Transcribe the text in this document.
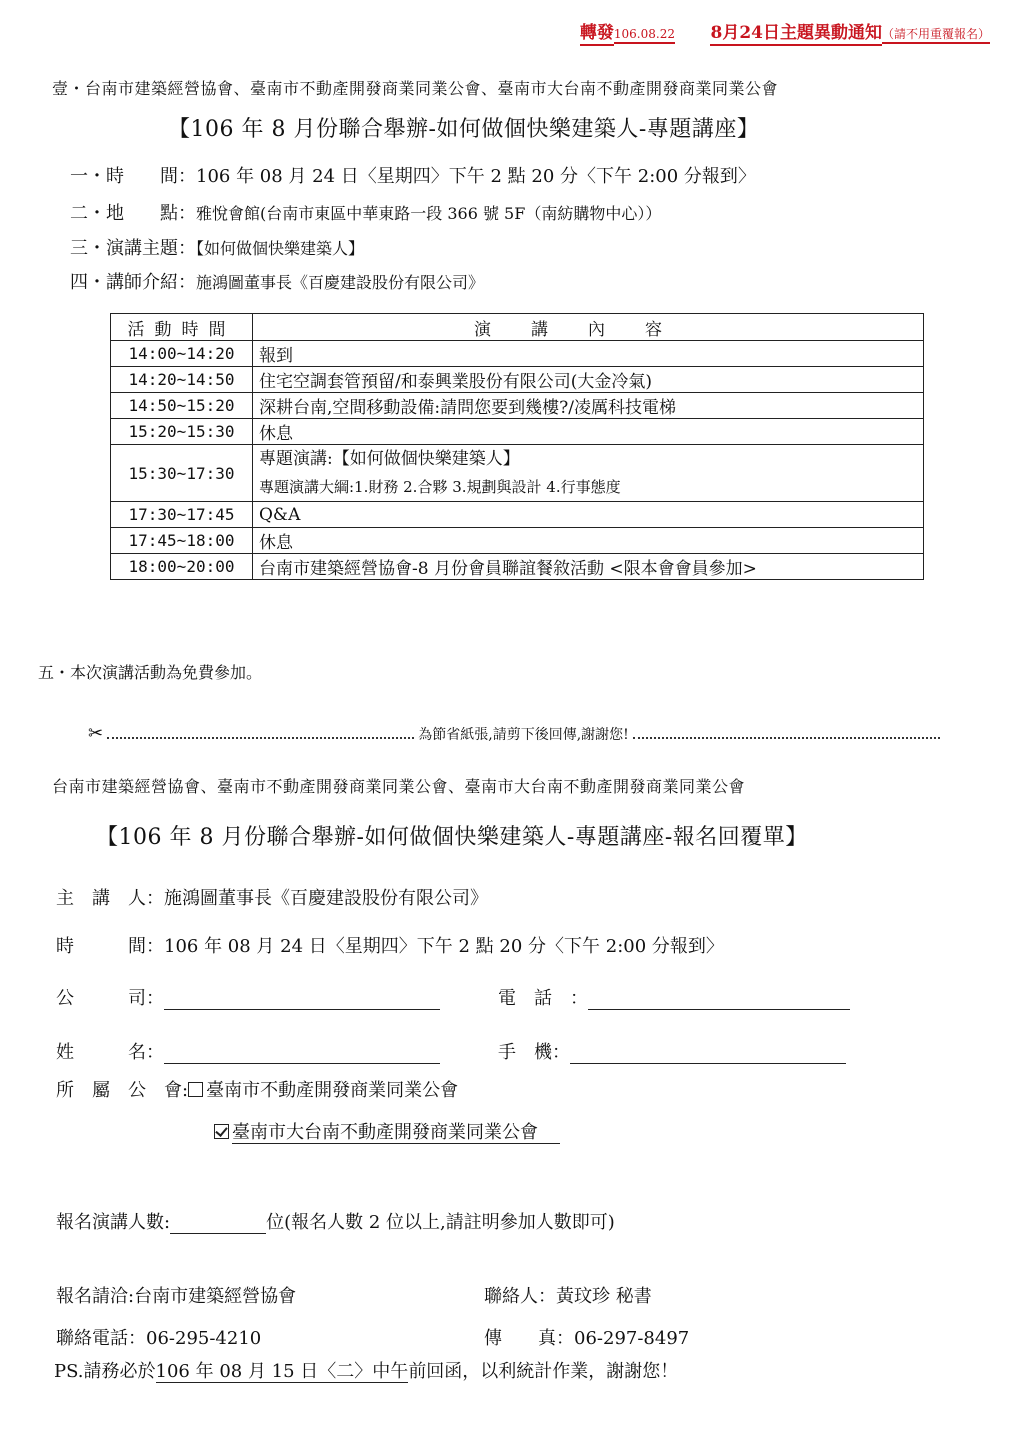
轉發106.08.22 8月24日主題異動通知（請不用重覆報名）
壹・台南市建築經營協會、臺南市不動產開發商業同業公會、臺南市大台南不動產開發商業同業公會
【106 年 8 月份聯合舉辦-如何做個快樂建築人-專題講座】
一・時　　間：106 年 08 月 24 日〈星期四〉下午 2 點 20 分〈下午 2:00 分報到〉
二・地　　點：雅悅會館(台南市東區中華東路一段 366 號 5F（南紡購物中心））
三・演講主題：【如何做個快樂建築人】
四・講師介紹：施鴻圖董事長《百慶建設股份有限公司》
活動時間	演講內容
14:00~14:20	報到
14:20~14:50	住宅空調套管預留/和泰興業股份有限公司(大金冷氣)
14:50~15:20	深耕台南,空間移動設備:請問您要到幾樓?/凌厲科技電梯
15:20~15:30	休息
15:30~17:30	專題演講:【如何做個快樂建築人】
專題演講大綱:1.財務 2.合夥 3.規劃與設計 4.行事態度

17:30~17:45	Q&A
17:45~18:00	休息
18:00~20:00	台南市建築經營協會-8 月份會員聯誼餐敘活動 <限本會會員參加>
五・本次演講活動為免費參加。
✂	為節省紙張,請剪下後回傳,謝謝您!
台南市建築經營協會、臺南市不動產開發商業同業公會、臺南市大台南不動產開發商業同業公會
【106 年 8 月份聯合舉辦-如何做個快樂建築人-專題講座-報名回覆單】
主　講　人：施鴻圖董事長《百慶建設股份有限公司》
時　　　間：106 年 08 月 24 日〈星期四〉下午 2 點 20 分〈下午 2:00 分報到〉
公　　　司：	電　話　：
姓　　　名：	手　機：
所　屬　公　會: 臺南市不動產開發商業同業公會
臺南市大台南不動產開發商業同業公會
報名演講人數:	位(報名人數 2 位以上,請註明參加人數即可)
報名請洽:台南市建築經營協會	聯絡人：黃玟珍 秘書
聯絡電話：06-295-4210	傳　　真：06-297-8497
PS.請務必於106 年 08 月 15 日〈二〉中午前回函，以利統計作業，謝謝您！
